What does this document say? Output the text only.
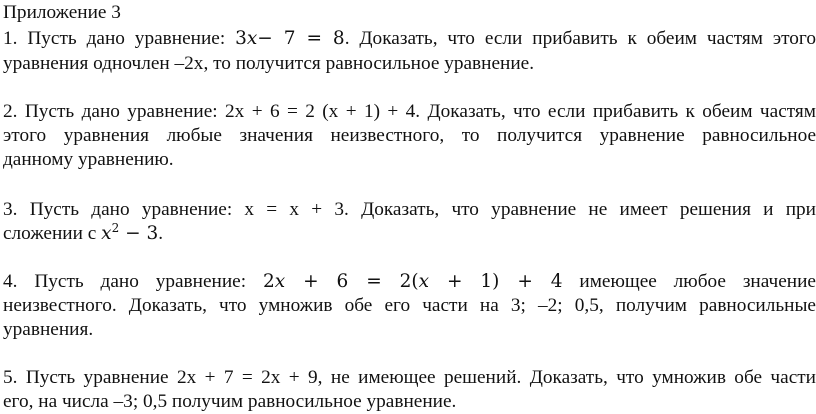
Приложение 3
1. Пусть дано уравнение: 3𝑥− 7 = 8. Доказать, что если прибавить к обеим частям этого
уравнения одночлен –2x, то получится равносильное уравнение.
2. Пусть дано уравнение: 2x + 6 = 2 (x + 1) + 4. Доказать, что если прибавить к обеим частям
этого уравнения любые значения неизвестного, то получится уравнение равносильное
данному уравнению.
3. Пусть дано уравнение: x = x + 3. Доказать, что уравнение не имеет решения и при
сложении с 𝑥$^2$ − 3.
4. Пусть дано уравнение: 2𝑥 + 6 = 2(𝑥 + 1) + 4 имеющее любое значение
неизвестного. Доказать, что умножив обе его части на 3; –2; 0,5, получим равносильные
уравнения.
5. Пусть уравнение 2x + 7 = 2x + 9, не имеющее решений. Доказать, что умножив обе части
его, на числа –3; 0,5 получим равносильное уравнение.
